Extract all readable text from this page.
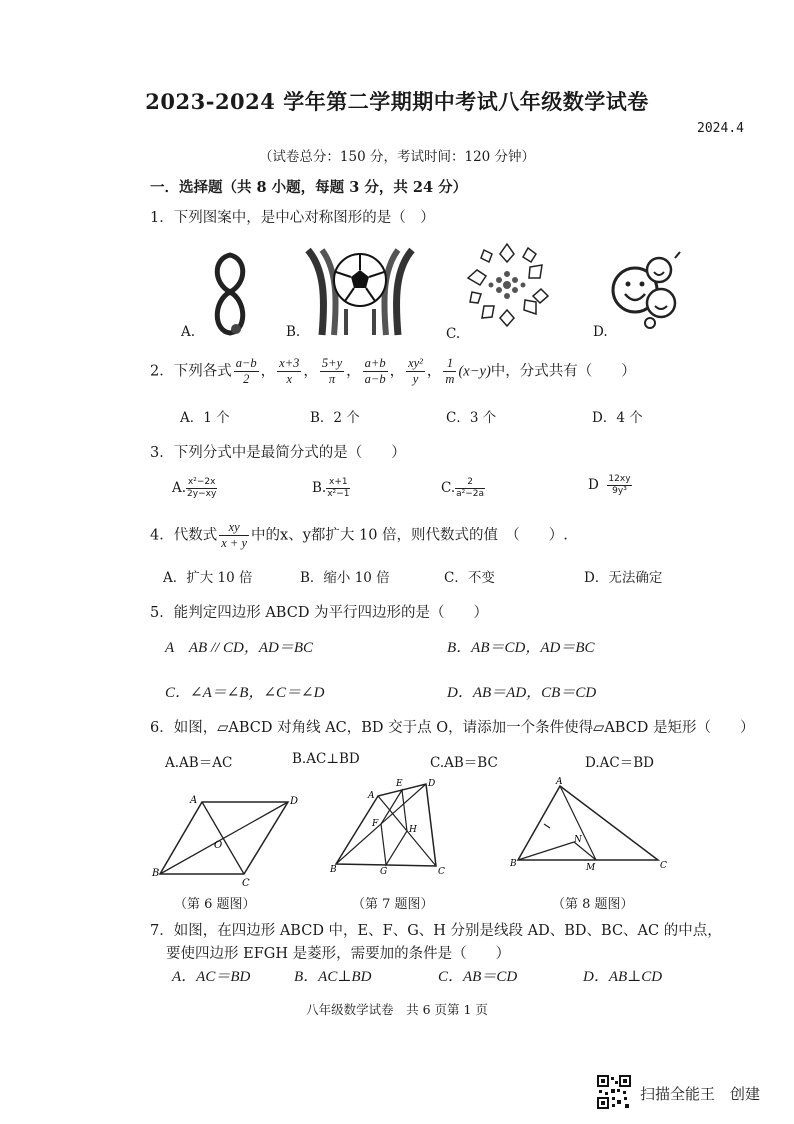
2023-2024 学年第二学期期中考试八年级数学试卷
2024.4
（试卷总分：150 分，考试时间：120 分钟）
一．选择题（共 8 小题，每题 3 分，共 24 分）
1．下列图案中，是中心对称图形的是（　）
A.	B.	C.	D.
2．下列各式 $\frac{a-b}{2}$ ， $\frac{x+3}{x}$ ， $\frac{5+y}{\pi}$ ， $\frac{a+b}{a-b}$ ， $\frac{\text{xy²}}{y}$ ， $\frac{1}{m} (x-y)$中，分式共有（　　）
A．1 个	B．2 个	C．3 个	D．4 个
3．下列分式中是最简分式的是（　　）
A. $\frac{\text{x²−2x}}{2y-xy}$	B. $\frac{x+1}{\text{x²−1}}$	C. $\frac{2}{\text{a²−2a}}$	D $\frac{12xy}{\text{9y³}}$
4．代数式 $\frac{xy}{x + y}$ 中的x、y都扩大 10 倍，则代数式的值　（　　）.
A．扩大 10 倍	B．缩小 10 倍	C．不变	D．无法确定
5．能判定四边形 ABCD 为平行四边形的是（　　）
A　AB // CD，AD＝BC	B．AB＝CD，AD＝BC
C．∠A＝∠B，∠C＝∠D	D．AB＝AD，CB＝CD
6．如图，▱ABCD 对角线 AC，BD 交于点 O，请添加一个条件使得▱ABCD 是矩形（　　）
A.AB＝AC	B.AC⊥BD	C.AB＝BC	D.AC＝BD
A	D
O
B
C
（第 6 题图）
A
E	D
F
H
G
B	C
（第 7 题图）
A
N
B	M	C
（第 8 题图）
7．如图，在四边形 ABCD 中，E、F、G、H 分别是线段 AD、BD、BC、AC 的中点，
要使四边形 EFGH 是菱形，需要加的条件是（　　）
A．AC＝BD	B．AC⊥BD	C．AB＝CD	D．AB⊥CD
八年级数学试卷　共 6 页第 1 页
扫描全能王　创建
